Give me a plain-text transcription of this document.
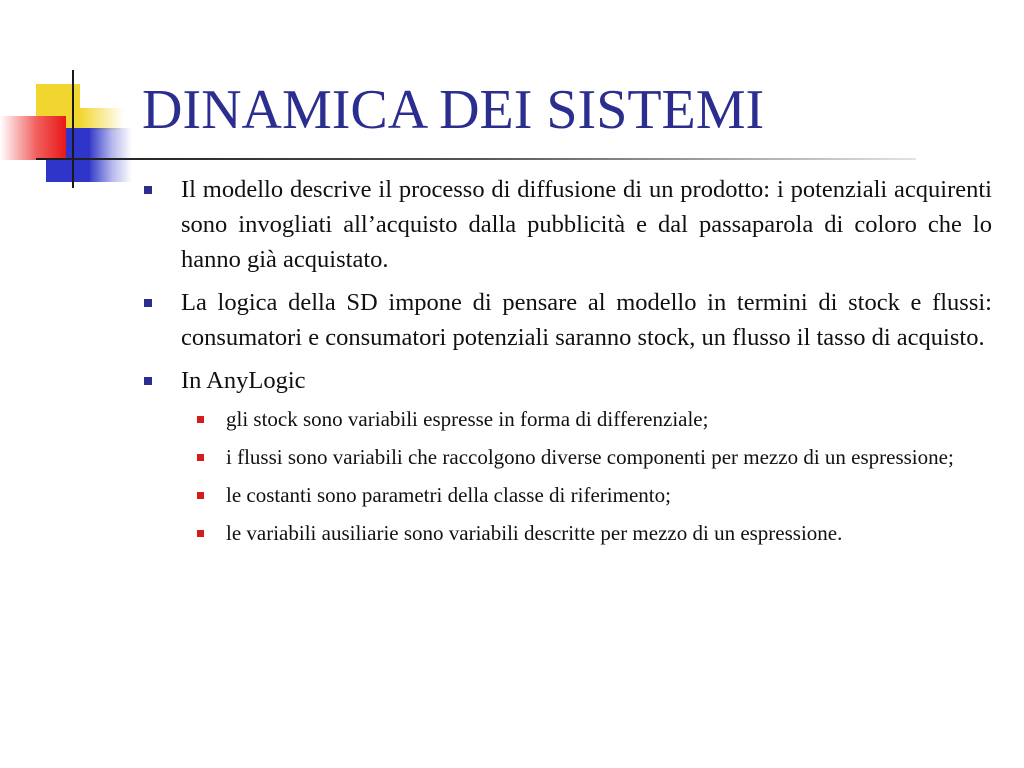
DINAMICA DEI SISTEMI
Il modello descrive il processo di diffusione di un prodotto: i potenziali acquirenti sono invogliati all’acquisto dalla pubblicità e dal passaparola di coloro che lo hanno già acquistato.
La logica della SD impone di pensare al modello in termini di stock e flussi: consumatori e consumatori potenziali saranno stock, un flusso il tasso di acquisto.
In AnyLogic
gli stock sono variabili espresse in forma di differenziale;
i flussi sono variabili che raccolgono diverse componenti per mezzo di un espressione;
le costanti sono parametri della classe di riferimento;
le variabili ausiliarie sono variabili descritte per mezzo di un espressione.
